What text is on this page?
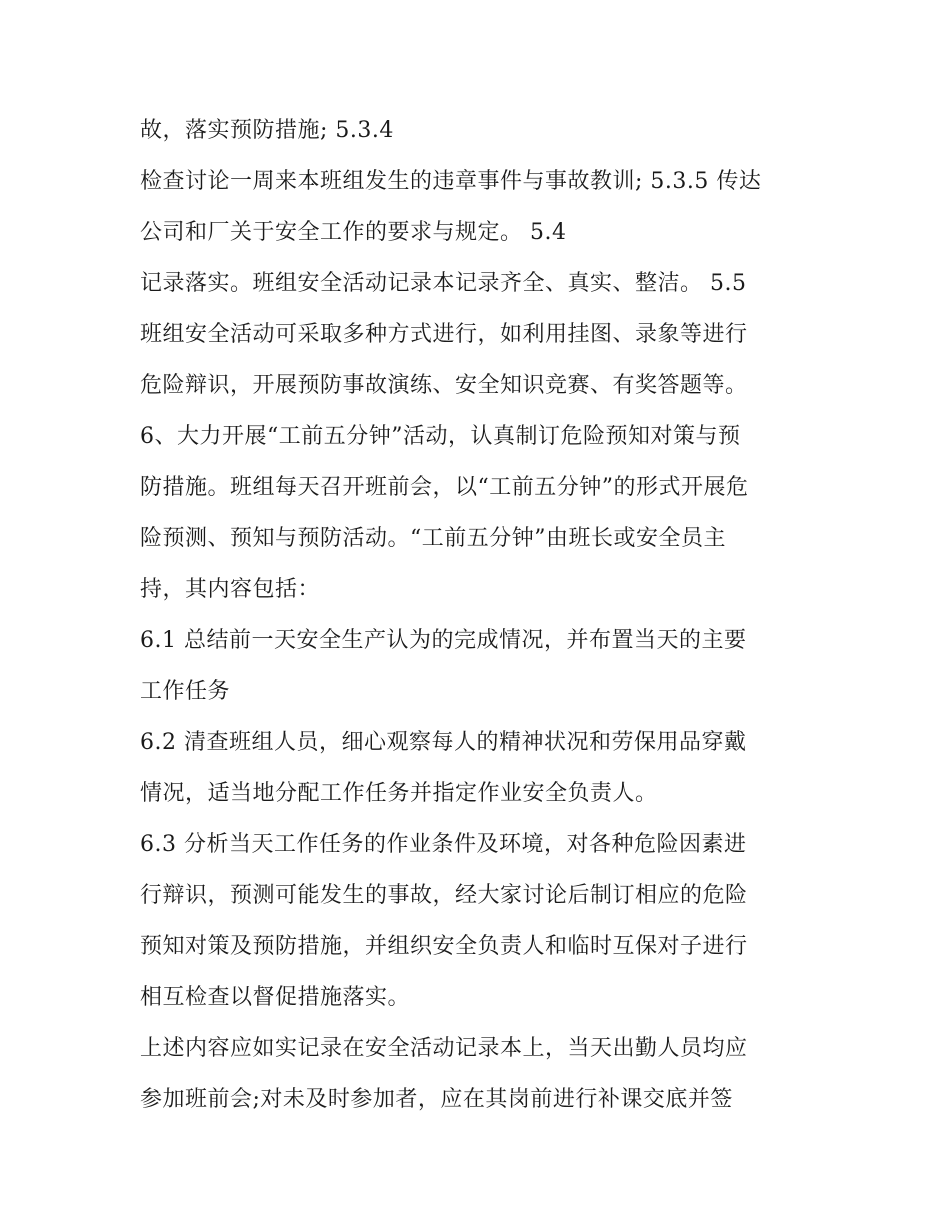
故，落实预防措施; 5.3.4
检查讨论一周来本班组发生的违章事件与事故教训; 5.3.5 传达
公司和厂关于安全工作的要求与规定。 5.4
记录落实。班组安全活动记录本记录齐全、真实、整洁。 5.5
班组安全活动可采取多种方式进行，如利用挂图、录象等进行
危险辩识，开展预防事故演练、安全知识竞赛、有奖答题等。
6、大力开展“工前五分钟”活动，认真制订危险预知对策与预
防措施。班组每天召开班前会，以“工前五分钟”的形式开展危
险预测、预知与预防活动。“工前五分钟”由班长或安全员主
持，其内容包括：
6.1 总结前一天安全生产认为的完成情况，并布置当天的主要
工作任务
6.2 清查班组人员，细心观察每人的精神状况和劳保用品穿戴
情况，适当地分配工作任务并指定作业安全负责人。
6.3 分析当天工作任务的作业条件及环境，对各种危险因素进
行辩识，预测可能发生的事故，经大家讨论后制订相应的危险
预知对策及预防措施，并组织安全负责人和临时互保对子进行
相互检查以督促措施落实。
上述内容应如实记录在安全活动记录本上，当天出勤人员均应
参加班前会;对未及时参加者，应在其岗前进行补课交底并签
